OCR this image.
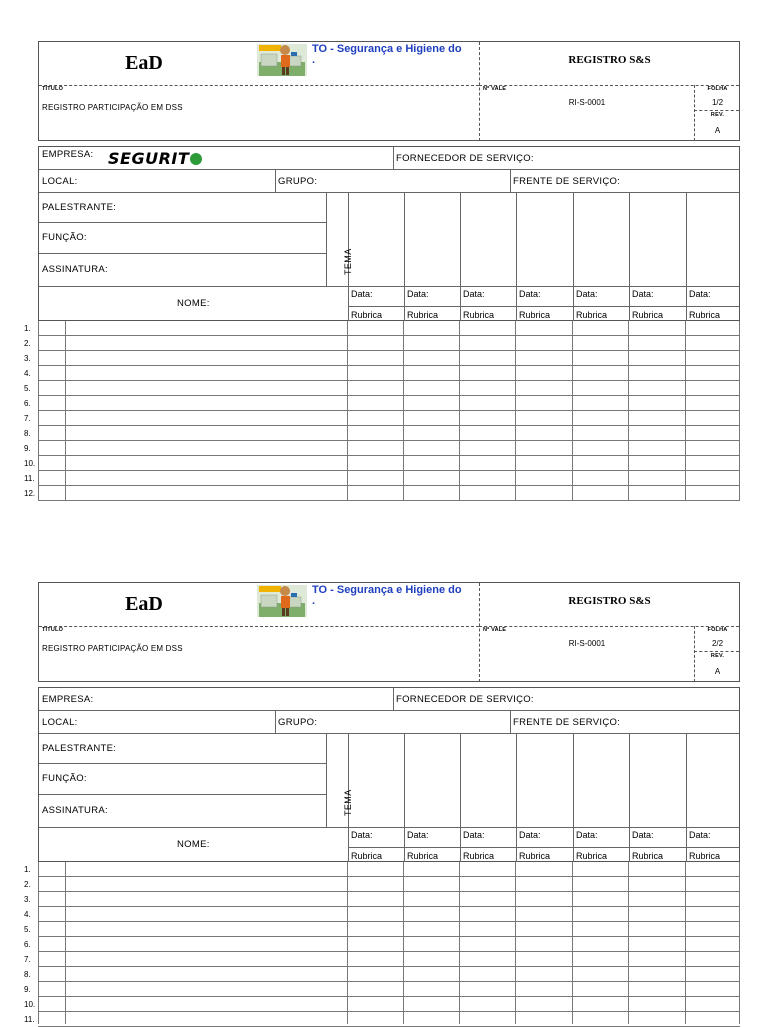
EaD
TO - Segurança e Higiene do
.	REGISTRO S&S
TÍTULO
REGISTRO PARTICIPAÇÃO EM DSS
Nº VALE
RI-S-0001
FOLHA
1/2
REV.
A
EMPRESA: SEGURIT	FORNECEDOR DE SERVIÇO:
LOCAL:	GRUPO:	FRENTE DE SERVIÇO:
PALESTRANTE:
FUNÇÃO:
ASSINATURA:	TEMA
NOME:
Data:	Data:	Data:	Data:	Data:	Data:	Data:
Rubrica	Rubrica	Rubrica	Rubrica	Rubrica	Rubrica	Rubrica
1.
2.
3.
4.
5.
6.
7.
8.
9.
10.
11.
12.
EaD
TO - Segurança e Higiene do
.	REGISTRO S&S
TÍTULO
REGISTRO PARTICIPAÇÃO EM DSS
Nº VALE
RI-S-0001
FOLHA
2/2
REV.
A
EMPRESA:	FORNECEDOR DE SERVIÇO:
LOCAL:	GRUPO:	FRENTE DE SERVIÇO:
PALESTRANTE:
FUNÇÃO:
ASSINATURA:	TEMA
NOME:
Data:	Data:	Data:	Data:	Data:	Data:	Data:
Rubrica	Rubrica	Rubrica	Rubrica	Rubrica	Rubrica	Rubrica
1.
2.
3.
4.
5.
6.
7.
8.
9.
10.
11.
